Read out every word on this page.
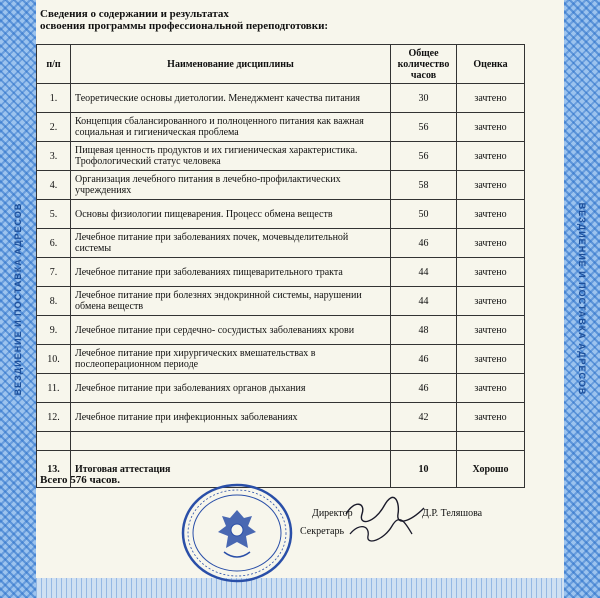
ВЕЗДИЕНИЕ И ПОСТАВКА АДРЕСОВ	ВЕЗДИЕНИЕ И ПОСТАВКА АДРЕСОВ
Сведения о содержании и результатах
освоения программы профессиональной переподготовки:
п/п	Наименование дисциплины	Общее количество часов	Оценка
1.	Теоретические основы диетологии. Менеджмент качества питания	30	зачтено
2.	Концепция сбалансированного и полноценного питания как важная социальная и гигиеническая проблема	56	зачтено
3.	Пищевая ценность продуктов и их гигиеническая характеристика. Трофологический статус человека	56	зачтено
4.	Организация лечебного питания в лечебно-профилактических учреждениях	58	зачтено
5.	Основы физиологии пищеварения. Процесс обмена веществ	50	зачтено
6.	Лечебное питание при заболеваниях почек, мочевыделительной системы	46	зачтено
7.	Лечебное питание при заболеваниях пищеварительного тракта	44	зачтено
8.	Лечебное питание при болезнях эндокринной системы, нарушении обмена веществ	44	зачтено
9.	Лечебное питание при сердечно- сосудистых заболеваниях крови	48	зачтено
10.	Лечебное питание при хирургических вмешательствах в послеоперационном периоде	46	зачтено
11.	Лечебное питание при заболеваниях органов дыхания	46	зачтено
12.	Лечебное питание при инфекционных заболеваниях	42	зачтено

13.	Итоговая аттестация	10	Хорошо
Всего 576 часов.
Директор	Д.Р. Теляшова
Секретарь
